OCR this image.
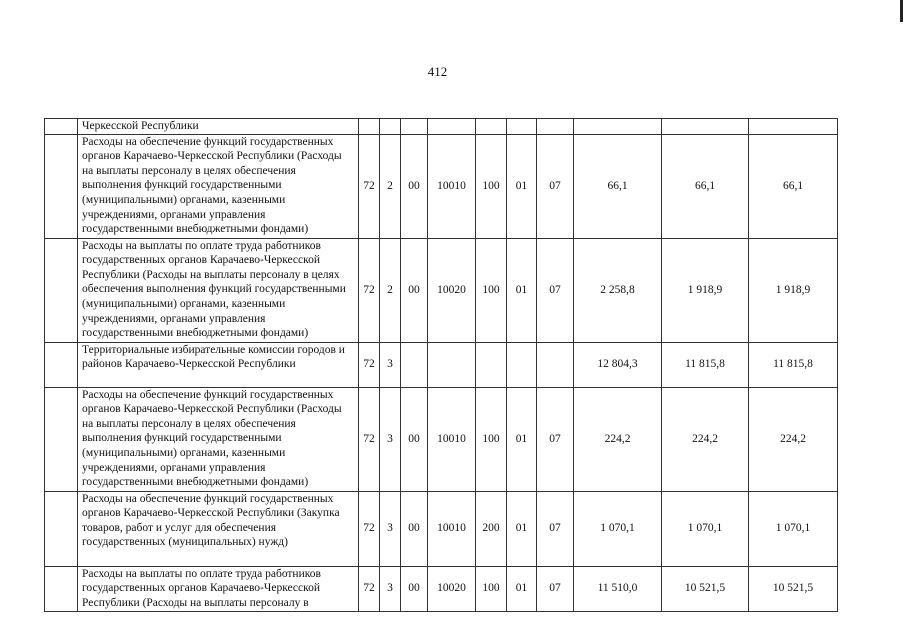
412
	Черкесской Республики										
	Расходы на обеспечение функций государственных органов Карачаево-Черкесской Республики (Расходы на выплаты персоналу в целях обеспечения выполнения функций государственными (муниципальными) органами, казенными учреждениями, органами управления государственными внебюджетными фондами)	72	2	00	10010	100	01	07	66,1	66,1	66,1
	Расходы на выплаты по оплате труда работников государственных органов Карачаево-Черкесской Республики (Расходы на выплаты персоналу в целях обеспечения выполнения функций государственными (муниципальными) органами, казенными учреждениями, органами управления государственными внебюджетными фондами)	72	2	00	10020	100	01	07	2 258,8	1 918,9	1 918,9
	Территориальные избирательные комиссии городов и районов Карачаево-Черкесской Республики	72	3						12 804,3	11 815,8	11 815,8
	Расходы на обеспечение функций государственных органов Карачаево-Черкесской Республики (Расходы на выплаты персоналу в целях обеспечения выполнения функций государственными (муниципальными) органами, казенными учреждениями, органами управления государственными внебюджетными фондами)	72	3	00	10010	100	01	07	224,2	224,2	224,2
	Расходы на обеспечение функций государственных органов Карачаево-Черкесской Республики (Закупка товаров, работ и услуг для обеспечения государственных (муниципальных) нужд)	72	3	00	10010	200	01	07	1 070,1	1 070,1	1 070,1
	Расходы на выплаты по оплате труда работников государственных органов Карачаево-Черкесской Республики (Расходы на выплаты персоналу в	72	3	00	10020	100	01	07	11 510,0	10 521,5	10 521,5
